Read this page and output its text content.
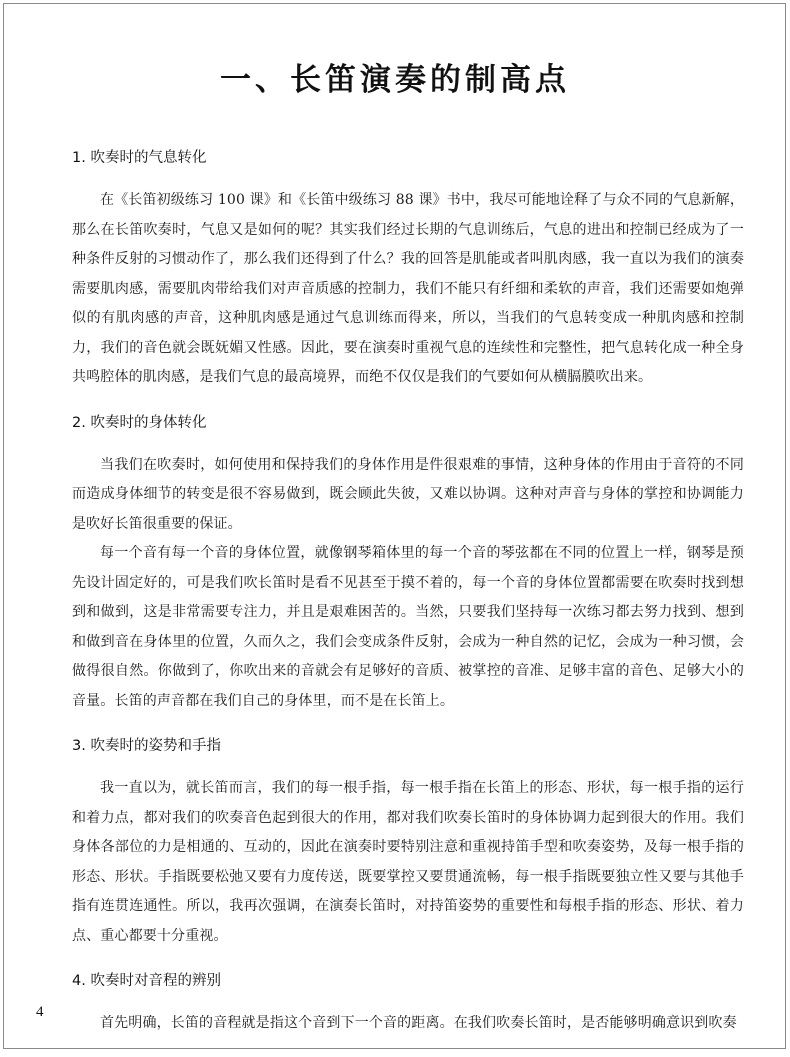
一、长笛演奏的制高点
1. 吹奏时的气息转化

在《长笛初级练习 100 课》和《长笛中级练习 88 课》书中，我尽可能地诠释了与众不同的气息新解，那么在长笛吹奏时，气息又是如何的呢？其实我们经过长期的气息训练后，气息的进出和控制已经成为了一种条件反射的习惯动作了，那么我们还得到了什么？我的回答是肌能或者叫肌肉感，我一直以为我们的演奏需要肌肉感，需要肌肉带给我们对声音质感的控制力，我们不能只有纤细和柔软的声音，我们还需要如炮弹似的有肌肉感的声音，这种肌肉感是通过气息训练而得来，所以，当我们的气息转变成一种肌肉感和控制力，我们的音色就会既妩媚又性感。因此，要在演奏时重视气息的连续性和完整性，把气息转化成一种全身共鸣腔体的肌肉感，是我们气息的最高境界，而绝不仅仅是我们的气要如何从横膈膜吹出来。

2. 吹奏时的身体转化

当我们在吹奏时，如何使用和保持我们的身体作用是件很艰难的事情，这种身体的作用由于音符的不同而造成身体细节的转变是很不容易做到，既会顾此失彼，又难以协调。这种对声音与身体的掌控和协调能力是吹好长笛很重要的保证。

每一个音有每一个音的身体位置，就像钢琴箱体里的每一个音的琴弦都在不同的位置上一样，钢琴是预先设计固定好的，可是我们吹长笛时是看不见甚至于摸不着的，每一个音的身体位置都需要在吹奏时找到想到和做到，这是非常需要专注力，并且是艰难困苦的。当然，只要我们坚持每一次练习都去努力找到、想到和做到音在身体里的位置，久而久之，我们会变成条件反射，会成为一种自然的记忆，会成为一种习惯，会做得很自然。你做到了，你吹出来的音就会有足够好的音质、被掌控的音准、足够丰富的音色、足够大小的音量。长笛的声音都在我们自己的身体里，而不是在长笛上。

3. 吹奏时的姿势和手指

我一直以为，就长笛而言，我们的每一根手指，每一根手指在长笛上的形态、形状，每一根手指的运行和着力点，都对我们的吹奏音色起到很大的作用，都对我们吹奏长笛时的身体协调力起到很大的作用。我们身体各部位的力是相通的、互动的，因此在演奏时要特别注意和重视持笛手型和吹奏姿势，及每一根手指的形态、形状。手指既要松弛又要有力度传送，既要掌控又要贯通流畅，每一根手指既要独立性又要与其他手指有连贯连通性。所以，我再次强调，在演奏长笛时，对持笛姿势的重要性和每根手指的形态、形状、着力点、重心都要十分重视。

4. 吹奏时对音程的辨别

首先明确，长笛的音程就是指这个音到下一个音的距离。在我们吹奏长笛时，是否能够明确意识到吹奏

4
